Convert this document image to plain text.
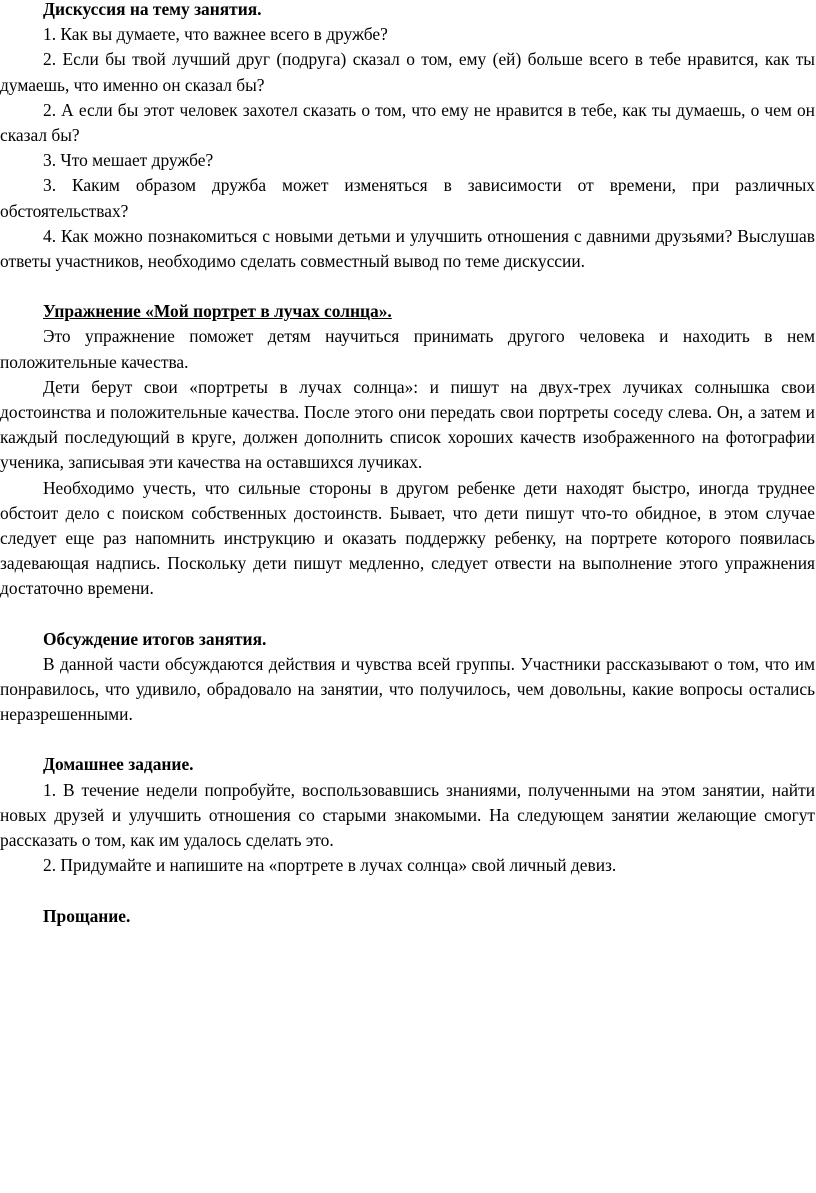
Дискуссия на тему занятия.

1. Как вы думаете, что важнее всего в дружбе?

2. Если бы твой лучший друг (подруга) сказал о том, ему (ей) больше всего в тебе нравится, как ты думаешь, что именно он сказал бы?

2. А если бы этот человек захотел сказать о том, что ему не нравится в тебе, как ты думаешь, о чем он сказал бы?

3. Что мешает дружбе?

3. Каким образом дружба может изменяться в зависимости от времени, при различных обстоятельствах?

4. Как можно познакомиться с новыми детьми и улучшить отношения с давними друзьями? Выслушав ответы участников, необходимо сделать совместный вывод по теме дискуссии.

Упражнение «Мой портрет в лучах солнца».

Это упражнение поможет детям научиться принимать другого человека и находить в нем положительные качества.

Дети берут свои «портреты в лучах солнца»: и пишут на двух-трех лучиках солнышка свои достоинства и положительные качества. После этого они передать свои портреты соседу слева. Он, а затем и каждый последующий в круге, должен дополнить список хороших качеств изображенного на фотографии ученика, записывая эти качества на оставшихся лучиках.

Необходимо учесть, что сильные стороны в другом ребенке дети находят быстро, иногда труднее обстоит дело с поиском собственных достоинств. Бывает, что дети пишут что-то обидное, в этом случае следует еще раз напомнить инструкцию и оказать поддержку ребенку, на портрете которого появилась задевающая надпись. Поскольку дети пишут медленно, следует отвести на выполнение этого упражнения достаточно времени.

Обсуждение итогов занятия.

В данной части обсуждаются действия и чувства всей группы. Участники рассказывают о том, что им понравилось, что удивило, обрадовало на занятии, что получилось, чем довольны, какие вопросы остались неразрешенными.

Домашнее задание.

1. В течение недели попробуйте, воспользовавшись знаниями, полученными на этом занятии, найти новых друзей и улучшить отношения со старыми знакомыми. На следующем занятии желающие смогут рассказать о том, как им удалось сделать это.

2. Придумайте и напишите на «портрете в лучах солнца» свой личный девиз.

Прощание.
